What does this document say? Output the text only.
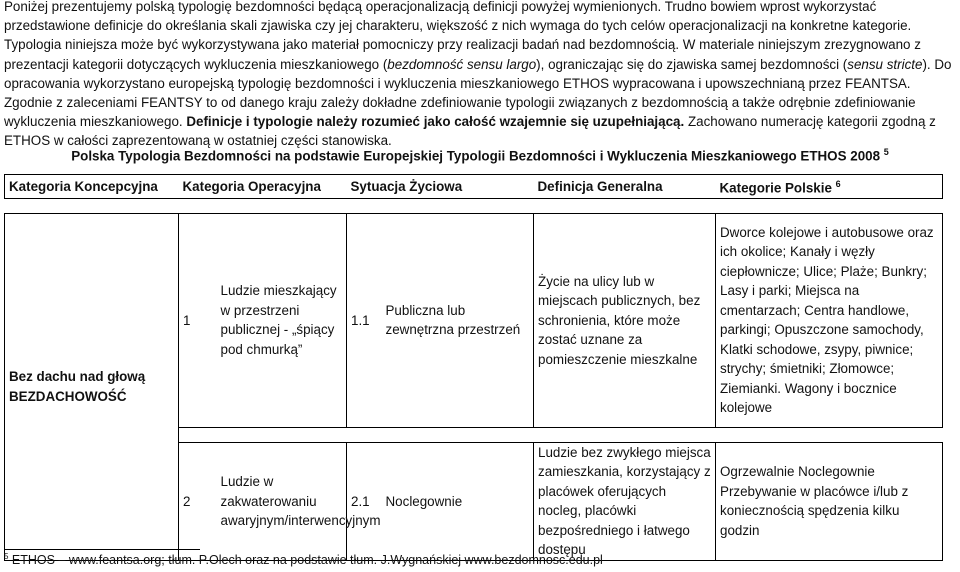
Poniżej prezentujemy polską typologię bezdomności będącą operacjonalizacją definicji powyżej wymienionych. Trudno bowiem wprost wykorzystać przedstawione definicje do określania skali zjawiska czy jej charakteru, większość z nich wymaga do tych celów operacjonalizacji na konkretne kategorie. Typologia niniejsza może być wykorzystywana jako materiał pomocniczy przy realizacji badań nad bezdomnością. W materiale niniejszym zrezygnowano z prezentacji kategorii dotyczących wykluczenia mieszkaniowego (bezdomność sensu largo), ograniczając się do zjawiska samej bezdomności (sensu stricte). Do opracowania wykorzystano europejską typologię bezdomności i wykluczenia mieszkaniowego ETHOS wypracowana i upowszechnianą przez FEANTSA. Zgodnie z zaleceniami FEANTSY to od danego kraju zależy dokładne zdefiniowanie typologii związanych z bezdomnością a także odrębnie zdefiniowanie wykluczenia mieszkaniowego. Definicje i typologie należy rozumieć jako całość wzajemnie się uzupełniającą. Zachowano numerację kategorii zgodną z ETHOS w całości zaprezentowaną w ostatniej części stanowiska.

Polska Typologia Bezdomności na podstawie Europejskiej Typologii Bezdomności i Wykluczenia Mieszkaniowego ETHOS 2008 $^5$

Kategoria Koncepcyjna	Kategoria Operacyjna		Sytuacja Życiowa		Definicja Generalna	Kategorie Polskie $^6$

Bez dachu nad głową
BEZDACHOWOŚĆ	1	Ludzie mieszkający w przestrzeni publicznej - „śpiący pod chmurką”	1.1	Publiczna lub zewnętrzna przestrzeń	Życie na ulicy lub w miejscach publicznych, bez schronienia, które może zostać uznane za pomieszczenie mieszkalne	Dworce kolejowe i autobusowe oraz ich okolice; Kanały i węzły ciepłownicze; Ulice; Plaże; Bunkry; Lasy i parki; Miejsca na cmentarzach; Centra handlowe, parkingi; Opuszczone samochody, Klatki schodowe, zsypy, piwnice; strychy; śmietniki; Złomowce; Ziemianki. Wagony i bocznice kolejowe

	2	Ludzie w zakwaterowaniu awaryjnym/interwencyjnym	2.1	Noclegownie	Ludzie bez zwykłego miejsca zamieszkania, korzystający z placówek oferujących nocleg, placówki bezpośredniego i łatwego dostępu	Ogrzewalnie Noclegownie Przebywanie w placówce i/lub z koniecznością spędzenia kilku godzin
$^5$ ETHOS – www.feantsa.org; tłum. P.Olech oraz na podstawie tłum. J.Wygnańskiej www.bezdomnosc.edu.pl
